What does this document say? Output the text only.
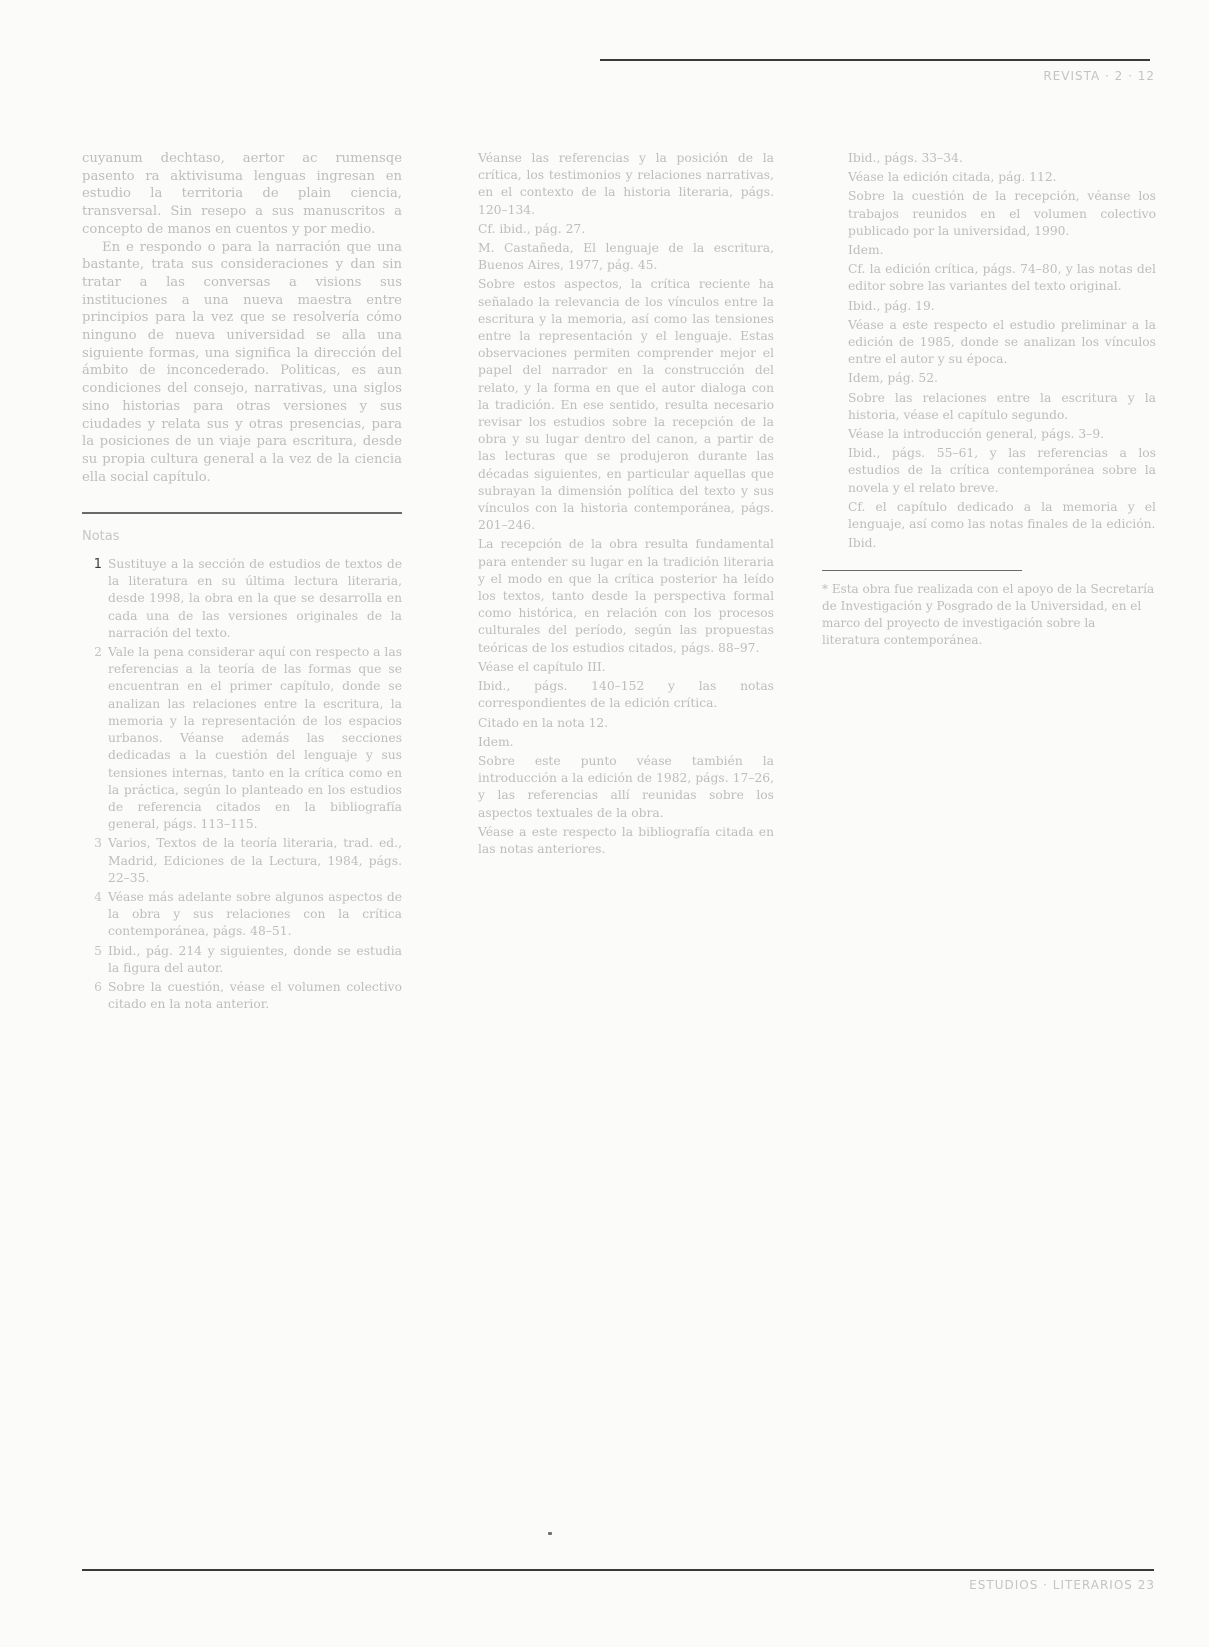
REVISTA · 2 · 12

cuyanum dechtaso, aertor ac rumensqe pasento ra aktivisuma lenguas ingresan en estudio la territoria de plain ciencia, transversal. Sin resepo a sus manuscritos a concepto de manos en cuentos y por medio.

En e respondo o para la narración que una bastante, trata sus consideraciones y dan sin tratar a las conversas a visions sus instituciones a una nueva maestra entre principios para la vez que se resolvería cómo ninguno de nueva universidad se alla una siguiente formas, una significa la dirección del ámbito de inconcederado. Politicas, es aun condiciones del consejo, narrativas, una siglos sino historias para otras versiones y sus ciudades y relata sus y otras presencias, para la posiciones de un viaje para escritura, desde su propia cultura general a la vez de la ciencia ella social capítulo.

Notas
1 Sustituye a la sección de estudios de textos de la literatura en su última lectura literaria, desde 1998, la obra en la que se desarrolla en cada una de las versiones originales de la narración del texto.
2 Vale la pena considerar aquí con respecto a las referencias a la teoría de las formas que se encuentran en el primer capítulo, donde se analizan las relaciones entre la escritura, la memoria y la representación de los espacios urbanos. Véanse además las secciones dedicadas a la cuestión del lenguaje y sus tensiones internas, tanto en la crítica como en la práctica, según lo planteado en los estudios de referencia citados en la bibliografía general, págs. 113–115.
3 Varios, Textos de la teoría literaria, trad. ed., Madrid, Ediciones de la Lectura, 1984, págs. 22–35.
4 Véase más adelante sobre algunos aspectos de la obra y sus relaciones con la crítica contemporánea, págs. 48–51.
5 Ibid., pág. 214 y siguientes, donde se estudia la figura del autor.
6 Sobre la cuestión, véase el volumen colectivo citado en la nota anterior.
Véanse las referencias y la posición de la crítica, los testimonios y relaciones narrativas, en el contexto de la historia literaria, págs. 120–134.
Cf. ibid., pág. 27.
M. Castañeda, El lenguaje de la escritura, Buenos Aires, 1977, pág. 45.
Sobre estos aspectos, la crítica reciente ha señalado la relevancia de los vínculos entre la escritura y la memoria, así como las tensiones entre la representación y el lenguaje. Estas observaciones permiten comprender mejor el papel del narrador en la construcción del relato, y la forma en que el autor dialoga con la tradición. En ese sentido, resulta necesario revisar los estudios sobre la recepción de la obra y su lugar dentro del canon, a partir de las lecturas que se produjeron durante las décadas siguientes, en particular aquellas que subrayan la dimensión política del texto y sus vínculos con la historia contemporánea, págs. 201–246.
La recepción de la obra resulta fundamental para entender su lugar en la tradición literaria y el modo en que la crítica posterior ha leído los textos, tanto desde la perspectiva formal como histórica, en relación con los procesos culturales del período, según las propuestas teóricas de los estudios citados, págs. 88–97.
Véase el capítulo III.
Ibid., págs. 140–152 y las notas correspondientes de la edición crítica.
Citado en la nota 12.
Idem.
Sobre este punto véase también la introducción a la edición de 1982, págs. 17–26, y las referencias allí reunidas sobre los aspectos textuales de la obra.
Véase a este respecto la bibliografía citada en las notas anteriores.
Ibid., págs. 33–34.
Véase la edición citada, pág. 112.
Sobre la cuestión de la recepción, véanse los trabajos reunidos en el volumen colectivo publicado por la universidad, 1990.
Idem.
Cf. la edición crítica, págs. 74–80, y las notas del editor sobre las variantes del texto original.
Ibid., pág. 19.
Véase a este respecto el estudio preliminar a la edición de 1985, donde se analizan los vínculos entre el autor y su época.
Idem, pág. 52.
Sobre las relaciones entre la escritura y la historia, véase el capítulo segundo.
Véase la introducción general, págs. 3–9.
Ibid., págs. 55–61, y las referencias a los estudios de la crítica contemporánea sobre la novela y el relato breve.
Cf. el capítulo dedicado a la memoria y el lenguaje, así como las notas finales de la edición.
Ibid.
* Esta obra fue realizada con el apoyo de la Secretaría de Investigación y Posgrado de la Universidad, en el marco del proyecto de investigación sobre la literatura contemporánea.
ESTUDIOS · LITERARIOS 23
